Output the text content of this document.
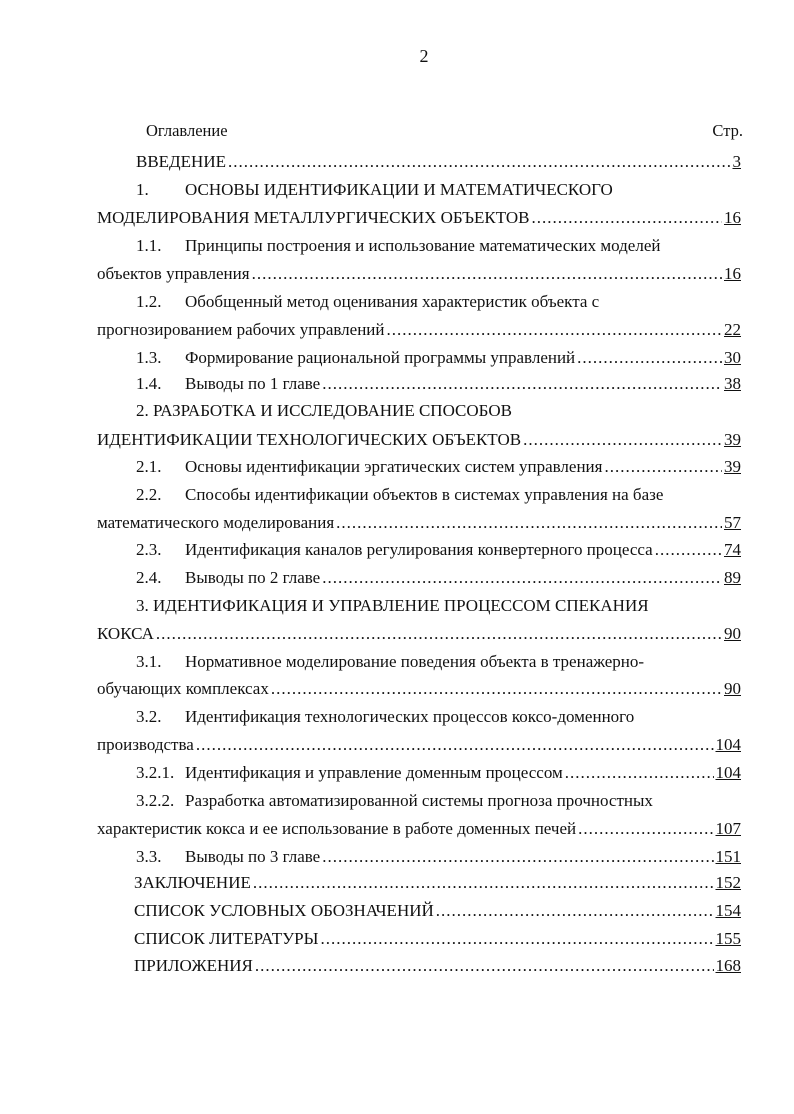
2
Оглавление	Стр.
ВВЕДЕНИЕ .....	3
1. ОСНОВЫ ИДЕНТИФИКАЦИИ И МАТЕМАТИЧЕСКОГО
МОДЕЛИРОВАНИЯ МЕТАЛЛУРГИЧЕСКИХ ОБЪЕКТОВ .....	16
1.1. Принципы построения и использование математических моделей
объектов управления .....	16
1.2. Обобщенный метод оценивания характеристик объекта с
прогнозированием рабочих управлений .....	22
1.3. Формирование рациональной программы управлений .....	30
1.4. Выводы по 1 главе .....	38
2. РАЗРАБОТКА И ИССЛЕДОВАНИЕ СПОСОБОВ
ИДЕНТИФИКАЦИИ ТЕХНОЛОГИЧЕСКИХ ОБЪЕКТОВ .....	39
2.1. Основы идентификации эргатических систем управления .....	39
2.2. Способы идентификации объектов в системах управления на базе
математического моделирования .....	57
2.3. Идентификация каналов регулирования конвертерного процесса .....	74
2.4. Выводы по 2 главе .....	89
3. ИДЕНТИФИКАЦИЯ И УПРАВЛЕНИЕ ПРОЦЕССОМ СПЕКАНИЯ
КОКСА .....	90
3.1. Нормативное моделирование поведения объекта в тренажерно-
обучающих комплексах .....	90
3.2. Идентификация технологических процессов коксо-доменного
производства .....	104
3.2.1. Идентификация и управление доменным процессом .....	104
3.2.2. Разработка автоматизированной системы прогноза прочностных
характеристик кокса и ее использование в работе доменных печей .....	107
3.3. Выводы по 3 главе .....	151
ЗАКЛЮЧЕНИЕ .....	152
СПИСОК УСЛОВНЫХ ОБОЗНАЧЕНИЙ .....	154
СПИСОК ЛИТЕРАТУРЫ .....	155
ПРИЛОЖЕНИЯ .....	168
